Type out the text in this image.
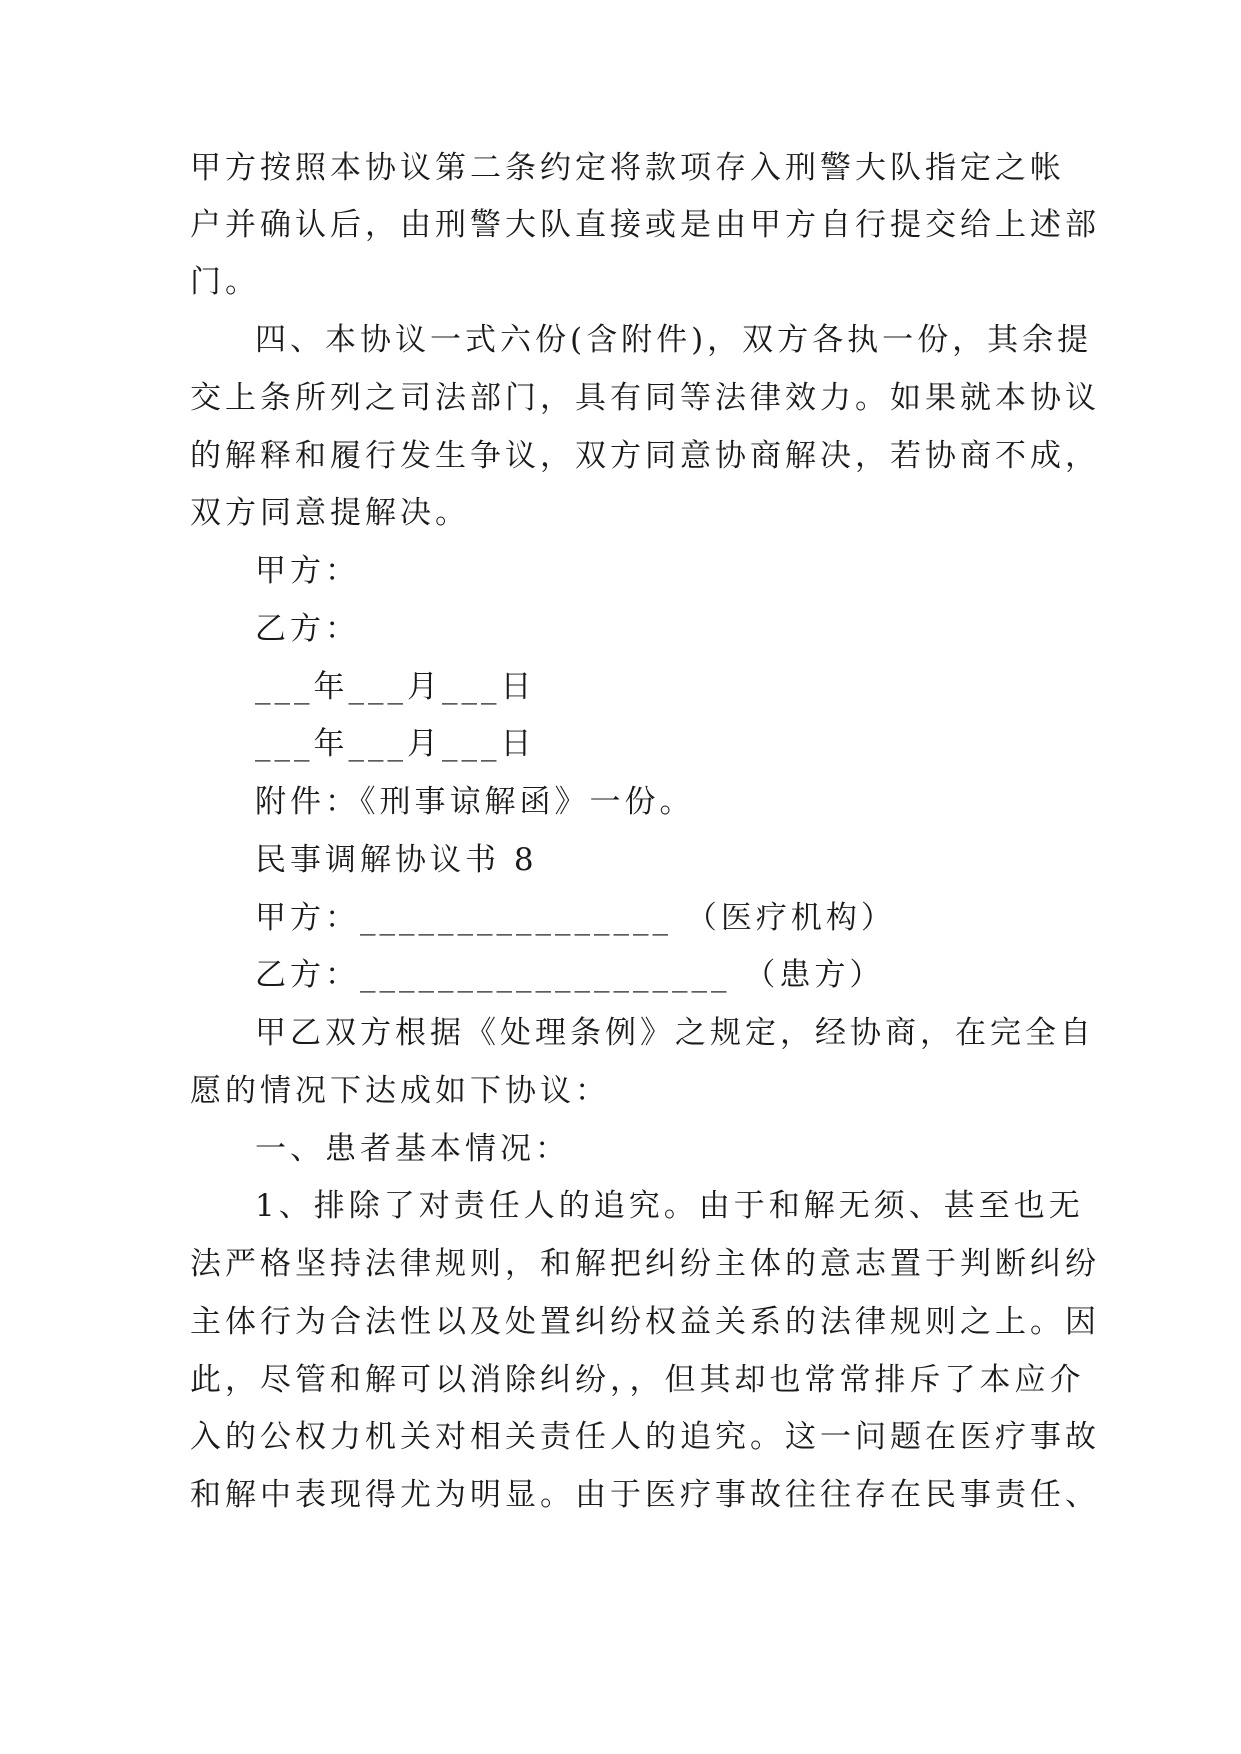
甲方按照本协议第二条约定将款项存入刑警大队指定之帐
户并确认后，由刑警大队直接或是由甲方自行提交给上述部
门。
四、本协议一式六份(含附件)，双方各执一份，其余提
交上条所列之司法部门，具有同等法律效力。如果就本协议
的解释和履行发生争议，双方同意协商解决，若协商不成，
双方同意提解决。
甲方：
乙方：
___年___月___日
___年___月___日
附件：《刑事谅解函》一份。
民事调解协议书 8
甲方：________________ （医疗机构）
乙方：___________________ （患方）
甲乙双方根据《处理条例》之规定，经协商，在完全自
愿的情况下达成如下协议：
一、患者基本情况：
1、排除了对责任人的追究。由于和解无须、甚至也无
法严格坚持法律规则，和解把纠纷主体的意志置于判断纠纷
主体行为合法性以及处置纠纷权益关系的法律规则之上。因
此，尽管和解可以消除纠纷，，但其却也常常排斥了本应介
入的公权力机关对相关责任人的追究。这一问题在医疗事故
和解中表现得尤为明显。由于医疗事故往往存在民事责任、
